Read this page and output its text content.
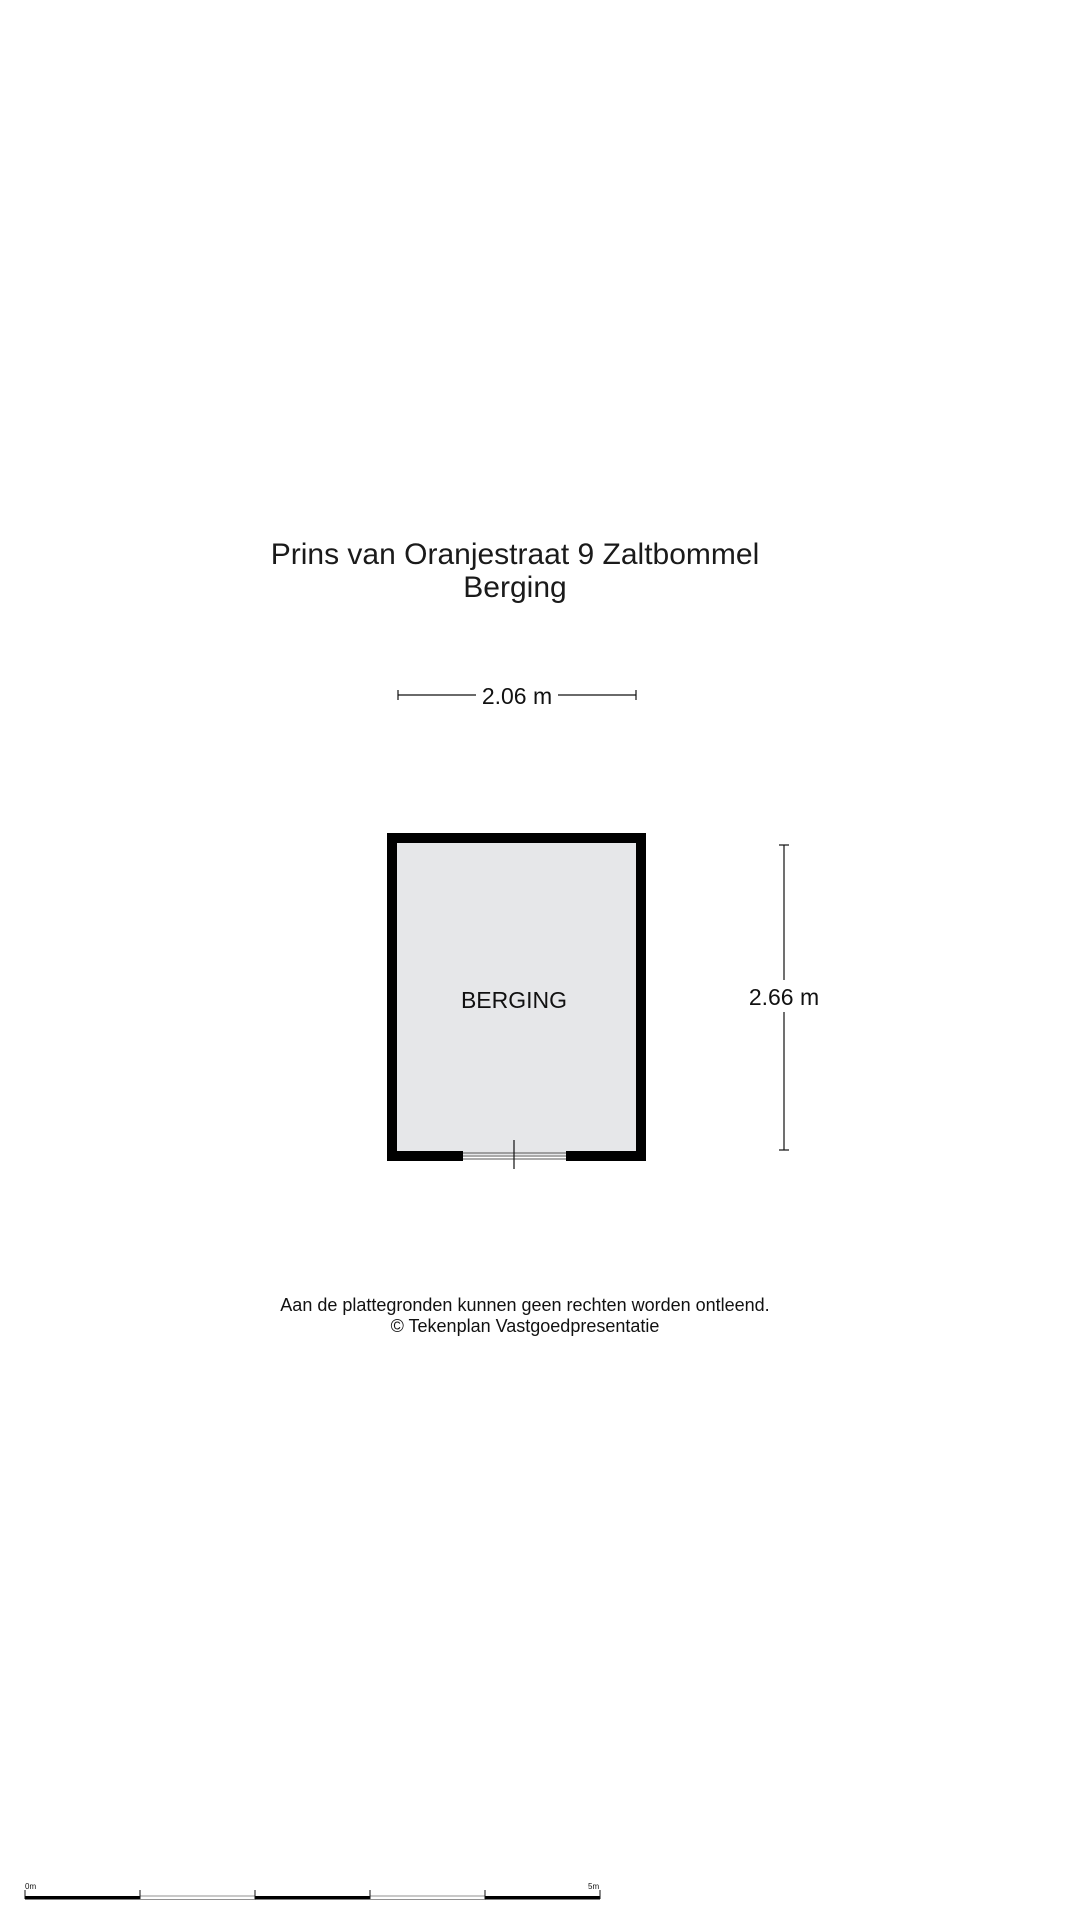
Prins van Oranjestraat 9 Zaltbommel
Berging
2.06 m
BERGING	2.66 m
0m	5m
Aan de plattegronden kunnen geen rechten worden ontleend.
© Tekenplan Vastgoedpresentatie
